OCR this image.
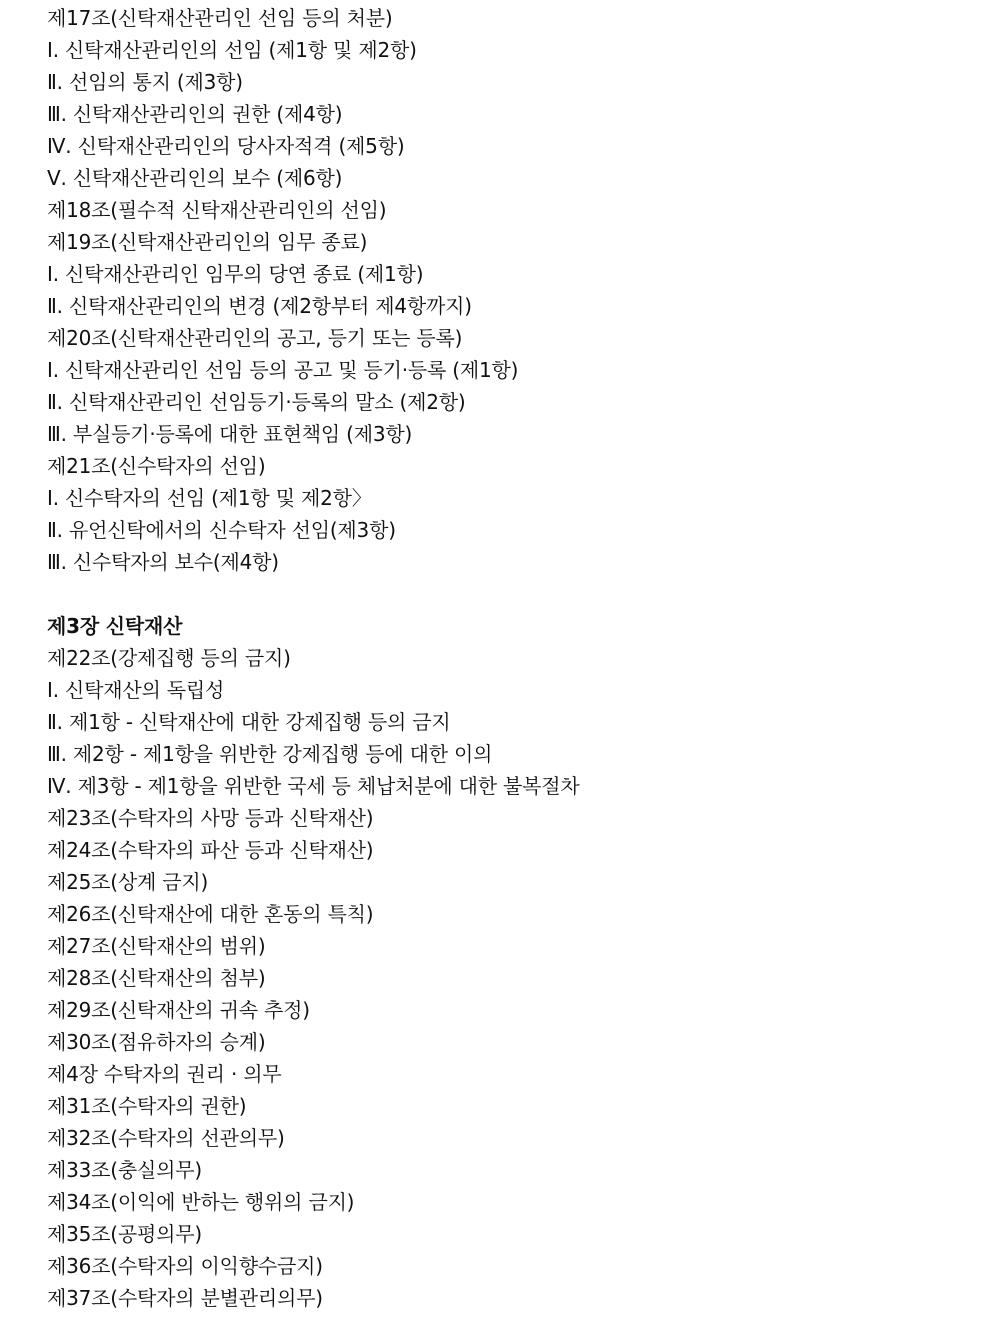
제17조(신탁재산관리인 선임 등의 처분)
Ⅰ. 신탁재산관리인의 선임 (제1항 및 제2항)
Ⅱ. 선임의 통지 (제3항)
Ⅲ. 신탁재산관리인의 권한 (제4항)
Ⅳ. 신탁재산관리인의 당사자적격 (제5항)
Ⅴ. 신탁재산관리인의 보수 (제6항)
제18조(필수적 신탁재산관리인의 선임)
제19조(신탁재산관리인의 임무 종료)
Ⅰ. 신탁재산관리인 임무의 당연 종료 (제1항)
Ⅱ. 신탁재산관리인의 변경 (제2항부터 제4항까지)
제20조(신탁재산관리인의 공고, 등기 또는 등록)
Ⅰ. 신탁재산관리인 선임 등의 공고 및 등기·등록 (제1항)
Ⅱ. 신탁재산관리인 선임등기·등록의 말소 (제2항)
Ⅲ. 부실등기·등록에 대한 표현책임 (제3항)
제21조(신수탁자의 선임)
Ⅰ. 신수탁자의 선임 (제1항 및 제2항〉
Ⅱ. 유언신탁에서의 신수탁자 선임(제3항)
Ⅲ. 신수탁자의 보수(제4항)
제3장 신탁재산
제22조(강제집행 등의 금지)
Ⅰ. 신탁재산의 독립성
Ⅱ. 제1항 - 신탁재산에 대한 강제집행 등의 금지
Ⅲ. 제2항 - 제1항을 위반한 강제집행 등에 대한 이의
Ⅳ. 제3항 - 제1항을 위반한 국세 등 체납처분에 대한 불복절차
제23조(수탁자의 사망 등과 신탁재산)
제24조(수탁자의 파산 등과 신탁재산)
제25조(상계 금지)
제26조(신탁재산에 대한 혼동의 특칙)
제27조(신탁재산의 범위)
제28조(신탁재산의 첨부)
제29조(신탁재산의 귀속 추정)
제30조(점유하자의 승계)
제4장 수탁자의 권리 · 의무
제31조(수탁자의 권한)
제32조(수탁자의 선관의무)
제33조(충실의무)
제34조(이익에 반하는 행위의 금지)
제35조(공평의무)
제36조(수탁자의 이익향수금지)
제37조(수탁자의 분별관리의무)
